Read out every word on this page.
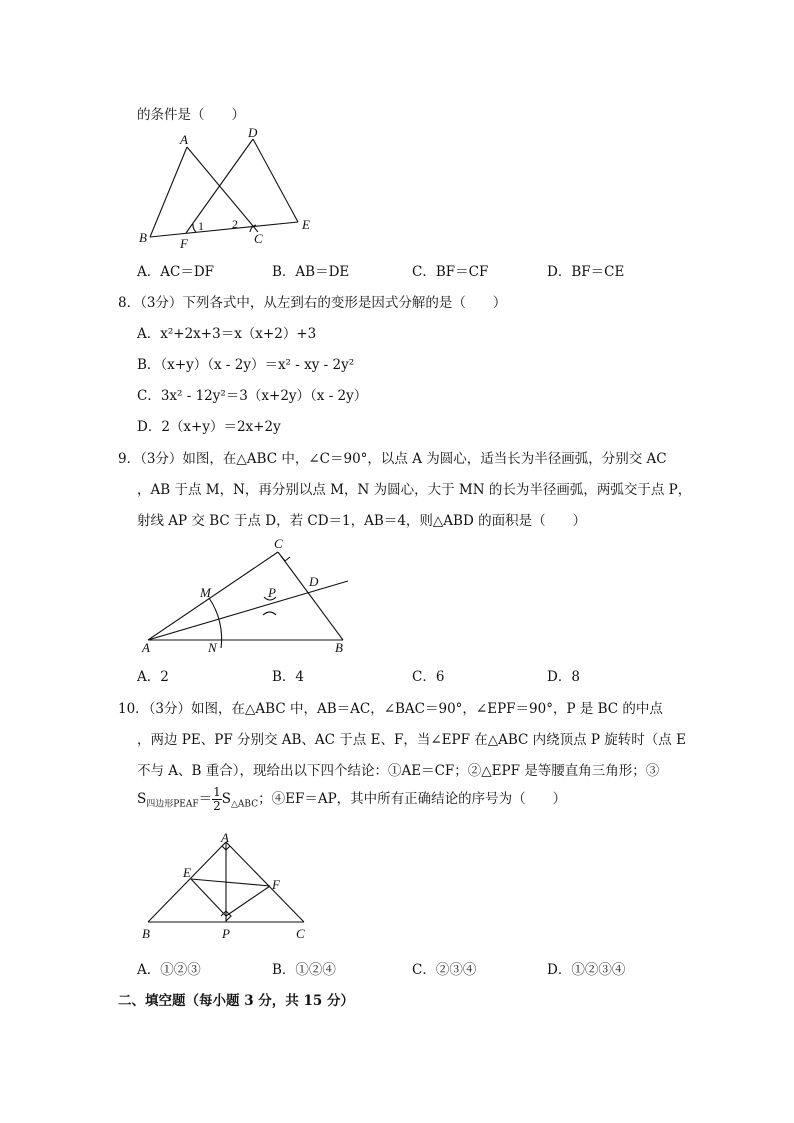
的条件是（　　）
A	D
B
E
F	C
1 2
A．AC＝DF	B．AB＝DE	C．BF＝CF	D．BF＝CE
8．（3分）下列各式中，从左到右的变形是因式分解的是（　　）
A．x²+2x+3＝x（x+2）+3
B．（x+y）（x - 2y）＝x² - xy - 2y²
C．3x² - 12y²＝3（x+2y）（x - 2y）
D．2（x+y）＝2x+2y
9．（3分）如图，在△ABC 中，∠C＝90°，以点 A 为圆心，适当长为半径画弧，分别交 AC
，AB 于点 M，N，再分别以点 M，N 为圆心，大于 MN 的长为半径画弧，两弧交于点 P，
射线 AP 交 BC 于点 D，若 CD＝1，AB＝4，则△ABD 的面积是（　　）
C
D
M	P
A	N	B
A．2	B．4	C．6	D．8
10．（3分）如图，在△ABC 中，AB＝AC，∠BAC＝90°，∠EPF＝90°，P 是 BC 的中点
，两边 PE、PF 分别交 AB、AC 于点 E、F，当∠EPF 在△ABC 内绕顶点 P 旋转时（点 E
不与 A、B 重合），现给出以下四个结论：①AE＝CF；②△EPF 是等腰直角三角形；③
$S_{四边形PEAF}= \frac{1}{2} S_{\triangle ABC}$；④EF＝AP，其中所有正确结论的序号为（　　）
A
E
F
B	P	C
A．①②③	B．①②④	C．②③④	D．①②③④
二、填空题（每小题 3 分，共 15 分）
